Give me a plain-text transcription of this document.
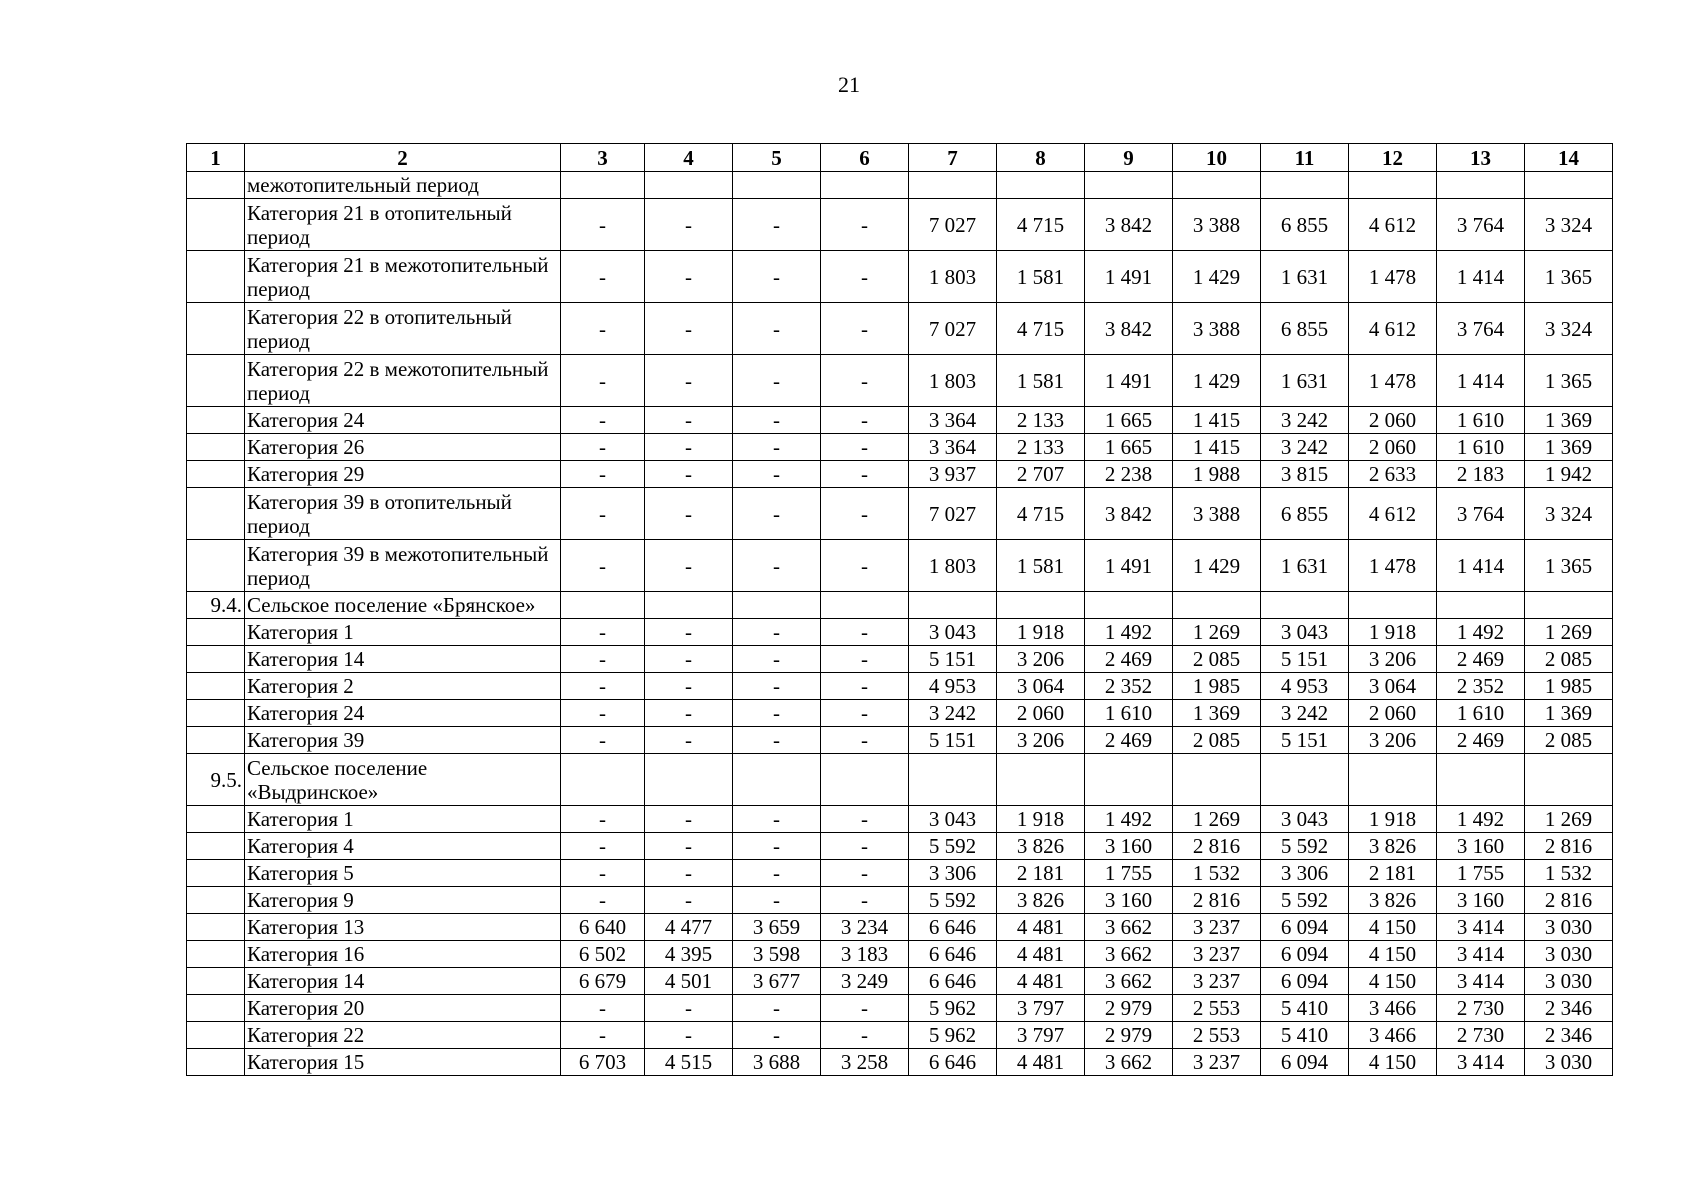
21
1	2	3	4	5	6	7	8	9	10	11	12	13	14
	межотопительный период												
	Категория 21 в отопительный период	-	-	-	-	7 027	4 715	3 842	3 388	6 855	4 612	3 764	3 324
	Категория 21 в межотопительный период	-	-	-	-	1 803	1 581	1 491	1 429	1 631	1 478	1 414	1 365
	Категория 22 в отопительный период	-	-	-	-	7 027	4 715	3 842	3 388	6 855	4 612	3 764	3 324
	Категория 22 в межотопительный период	-	-	-	-	1 803	1 581	1 491	1 429	1 631	1 478	1 414	1 365
	Категория 24	-	-	-	-	3 364	2 133	1 665	1 415	3 242	2 060	1 610	1 369
	Категория 26	-	-	-	-	3 364	2 133	1 665	1 415	3 242	2 060	1 610	1 369
	Категория 29	-	-	-	-	3 937	2 707	2 238	1 988	3 815	2 633	2 183	1 942
	Категория 39 в отопительный период	-	-	-	-	7 027	4 715	3 842	3 388	6 855	4 612	3 764	3 324
	Категория 39 в межотопительный период	-	-	-	-	1 803	1 581	1 491	1 429	1 631	1 478	1 414	1 365
9.4.	Сельское поселение «Брянское»												
	Категория 1	-	-	-	-	3 043	1 918	1 492	1 269	3 043	1 918	1 492	1 269
	Категория 14	-	-	-	-	5 151	3 206	2 469	2 085	5 151	3 206	2 469	2 085
	Категория 2	-	-	-	-	4 953	3 064	2 352	1 985	4 953	3 064	2 352	1 985
	Категория 24	-	-	-	-	3 242	2 060	1 610	1 369	3 242	2 060	1 610	1 369
	Категория 39	-	-	-	-	5 151	3 206	2 469	2 085	5 151	3 206	2 469	2 085
9.5.	Сельское поселение «Выдринское»												
	Категория 1	-	-	-	-	3 043	1 918	1 492	1 269	3 043	1 918	1 492	1 269
	Категория 4	-	-	-	-	5 592	3 826	3 160	2 816	5 592	3 826	3 160	2 816
	Категория 5	-	-	-	-	3 306	2 181	1 755	1 532	3 306	2 181	1 755	1 532
	Категория 9	-	-	-	-	5 592	3 826	3 160	2 816	5 592	3 826	3 160	2 816
	Категория 13	6 640	4 477	3 659	3 234	6 646	4 481	3 662	3 237	6 094	4 150	3 414	3 030
	Категория 16	6 502	4 395	3 598	3 183	6 646	4 481	3 662	3 237	6 094	4 150	3 414	3 030
	Категория 14	6 679	4 501	3 677	3 249	6 646	4 481	3 662	3 237	6 094	4 150	3 414	3 030
	Категория 20	-	-	-	-	5 962	3 797	2 979	2 553	5 410	3 466	2 730	2 346
	Категория 22	-	-	-	-	5 962	3 797	2 979	2 553	5 410	3 466	2 730	2 346
	Категория 15	6 703	4 515	3 688	3 258	6 646	4 481	3 662	3 237	6 094	4 150	3 414	3 030
